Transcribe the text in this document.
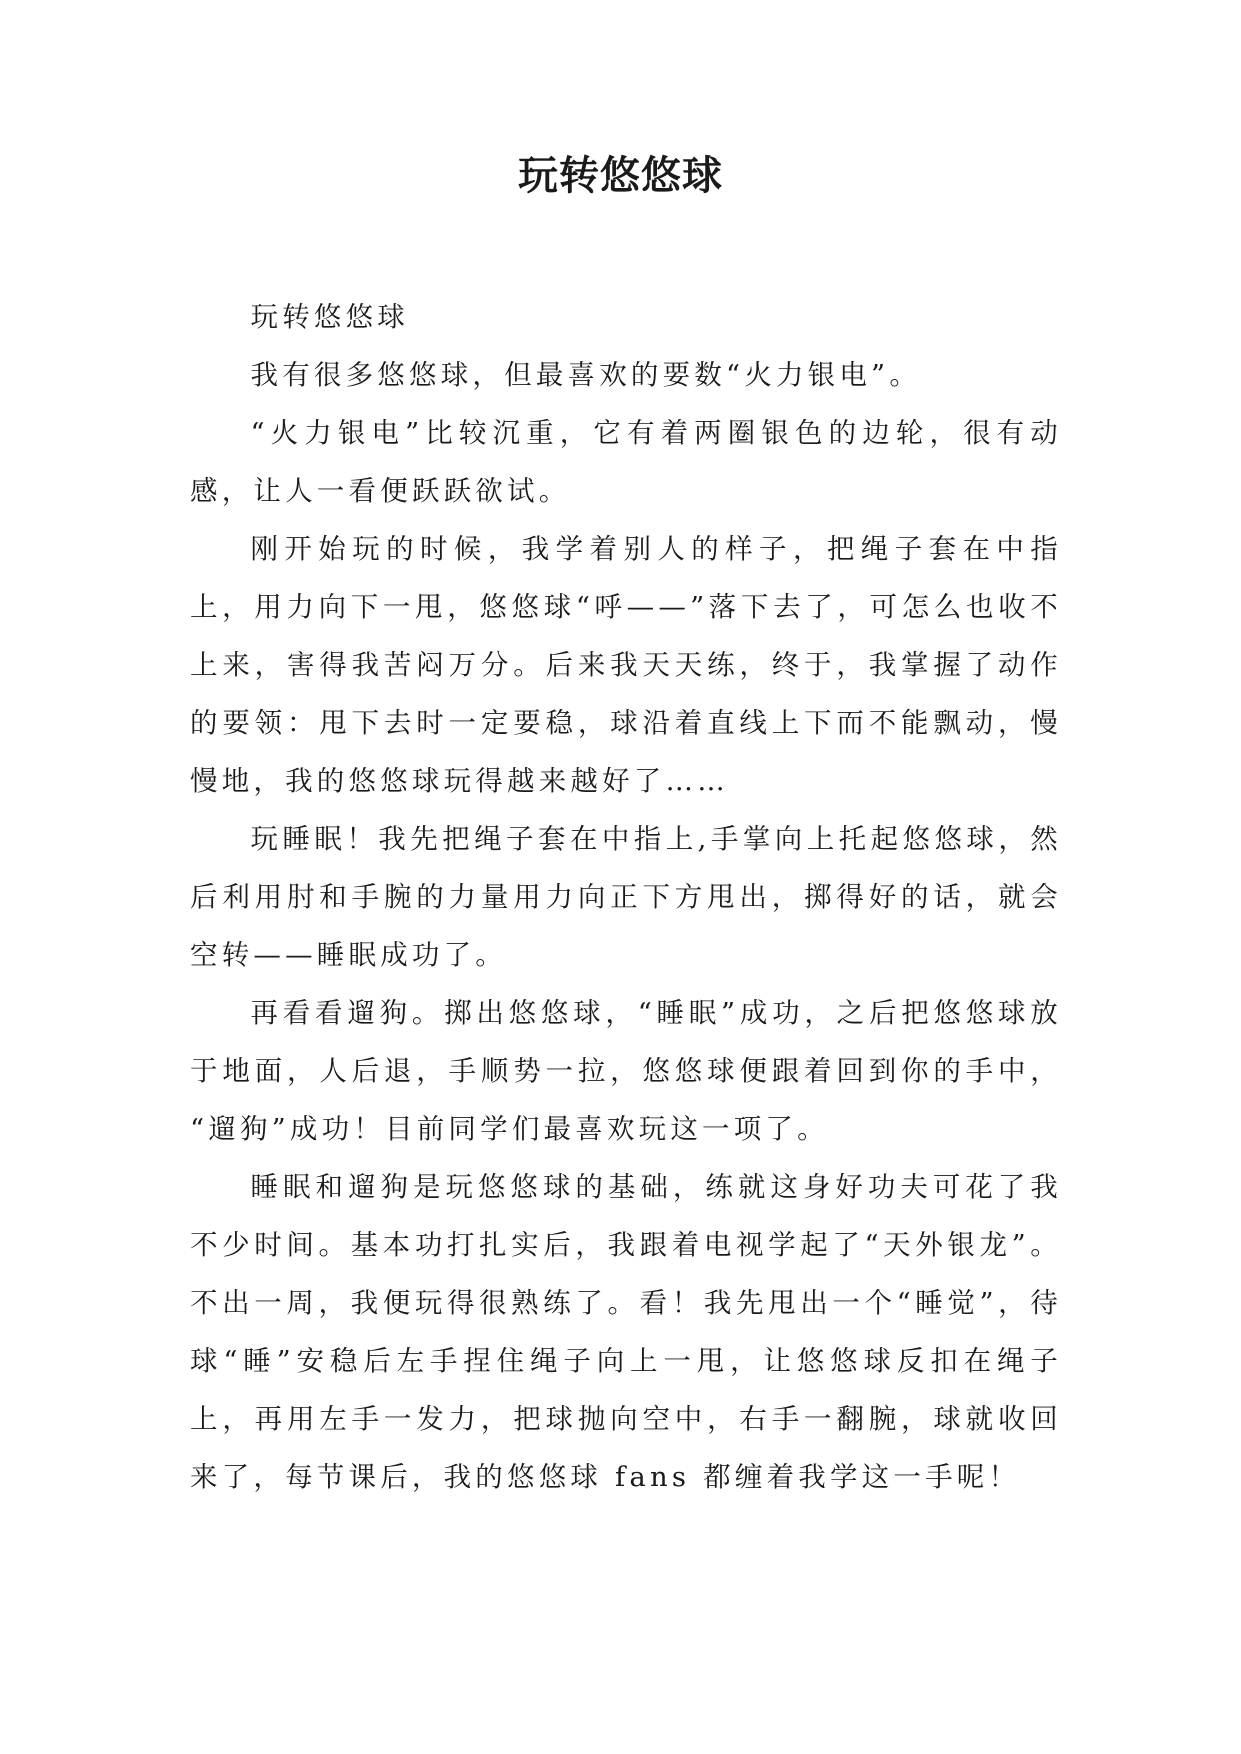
玩转悠悠球

玩转悠悠球

我有很多悠悠球，但最喜欢的要数“火力银电”。

“火力银电”比较沉重，它有着两圈银色的边轮，很有动感，让人一看便跃跃欲试。

刚开始玩的时候，我学着别人的样子，把绳子套在中指上，用力向下一甩，悠悠球“呼——”落下去了，可怎么也收不上来，害得我苦闷万分。后来我天天练，终于，我掌握了动作的要领：甩下去时一定要稳，球沿着直线上下而不能飘动，慢慢地，我的悠悠球玩得越来越好了……

玩睡眠！我先把绳子套在中指上,手掌向上托起悠悠球，然后利用肘和手腕的力量用力向正下方甩出，掷得好的话，就会空转——睡眠成功了。

再看看遛狗。掷出悠悠球，“睡眠”成功，之后把悠悠球放于地面，人后退，手顺势一拉，悠悠球便跟着回到你的手中， “遛狗”成功！目前同学们最喜欢玩这一项了。

睡眠和遛狗是玩悠悠球的基础，练就这身好功夫可花了我不少时间。基本功打扎实后，我跟着电视学起了“天外银龙”。不出一周，我便玩得很熟练了。看！我先甩出一个“睡觉”，待球“睡”安稳后左手捏住绳子向上一甩，让悠悠球反扣在绳子上，再用左手一发力，把球抛向空中，右手一翻腕，球就收回来了，每节课后，我的悠悠球 fans 都缠着我学这一手呢！
